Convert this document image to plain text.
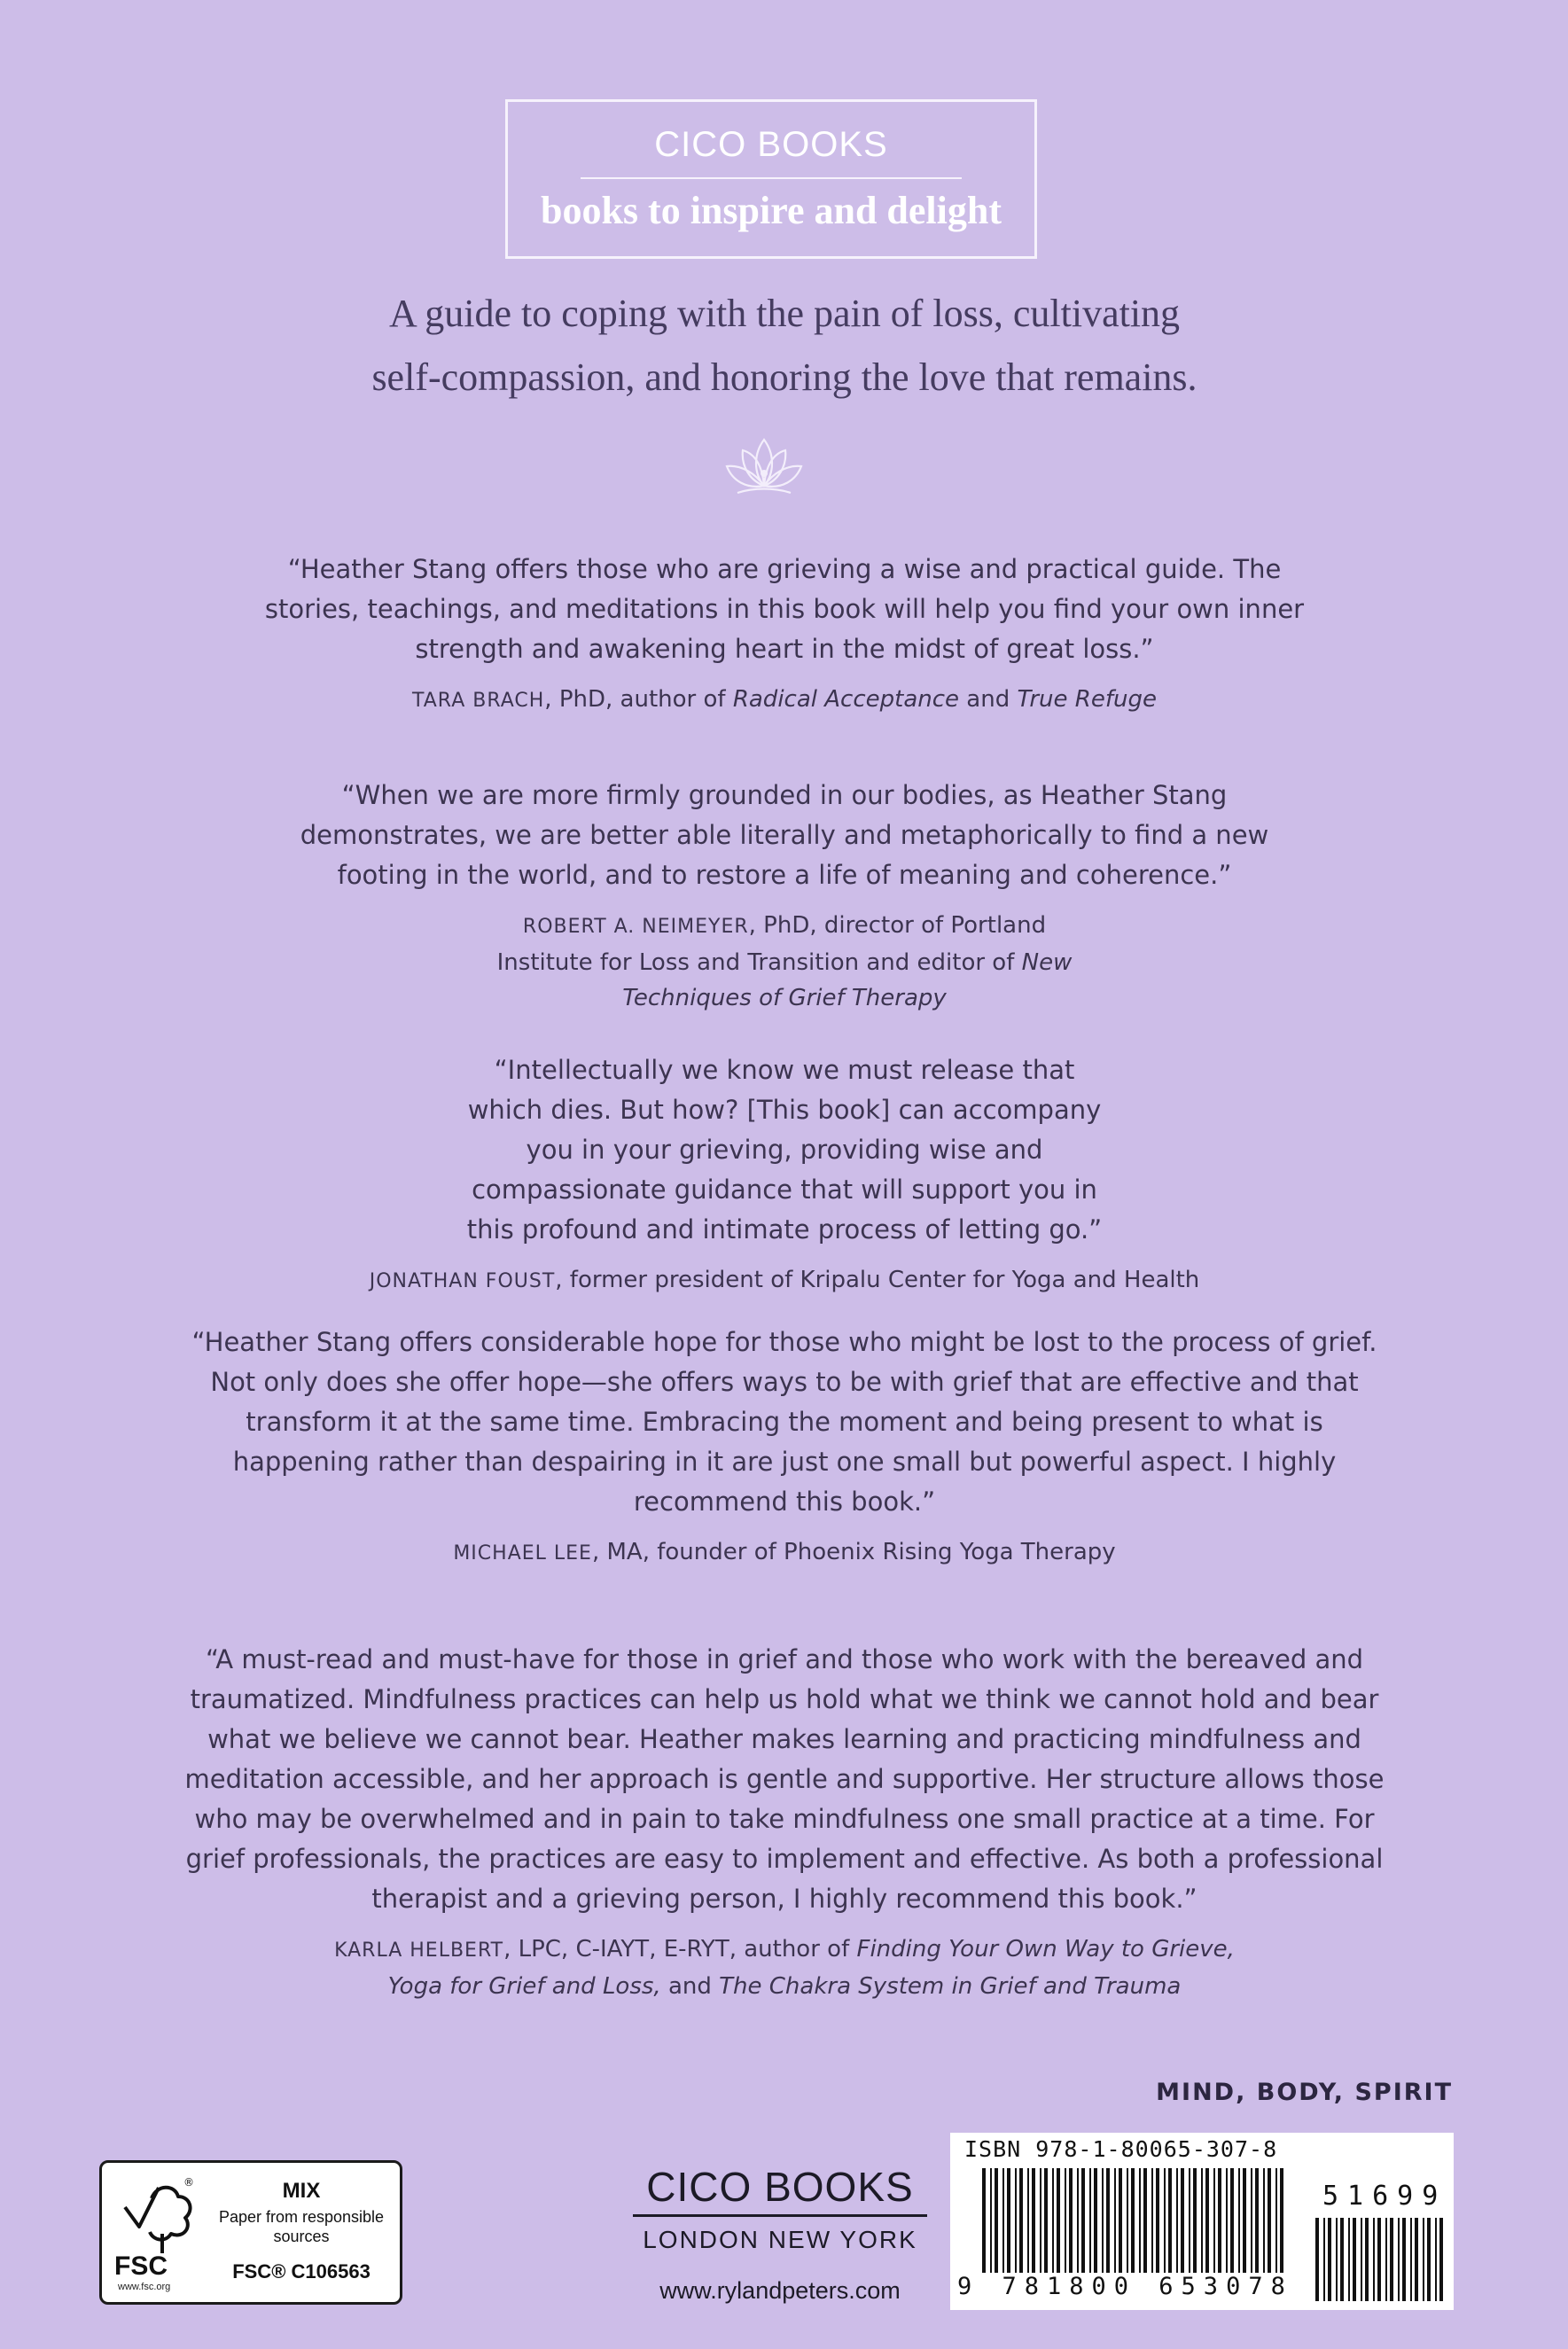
CICO BOOKS
books to inspire and delight
A guide to coping with the pain of loss, cultivating
self-compassion, and honoring the love that remains.

“Heather Stang offers those who are grieving a wise and practical guide. The stories, teachings, and meditations in this book will help you find your own inner strength and awakening heart in the midst of great loss.”

TARA BRACH, PhD, author of Radical Acceptance and True Refuge

“When we are more firmly grounded in our bodies, as Heather Stang demonstrates, we are better able literally and metaphorically to find a new footing in the world, and to restore a life of meaning and coherence.”

ROBERT A. NEIMEYER, PhD, director of Portland Institute for Loss and Transition and editor of New Techniques of Grief Therapy

“Intellectually we know we must release that which dies. But how? [This book] can accompany you in your grieving, providing wise and compassionate guidance that will support you in this profound and intimate process of letting go.”

JONATHAN FOUST, former president of Kripalu Center for Yoga and Health

“Heather Stang offers considerable hope for those who might be lost to the process of grief. Not only does she offer hope—she offers ways to be with grief that are effective and that transform it at the same time. Embracing the moment and being present to what is happening rather than despairing in it are just one small but powerful aspect. I highly recommend this book.”

MICHAEL LEE, MA, founder of Phoenix Rising Yoga Therapy

“A must-read and must-have for those in grief and those who work with the bereaved and traumatized. Mindfulness practices can help us hold what we think we cannot hold and bear what we believe we cannot bear. Heather makes learning and practicing mindfulness and meditation accessible, and her approach is gentle and supportive. Her structure allows those who may be overwhelmed and in pain to take mindfulness one small practice at a time. For grief professionals, the practices are easy to implement and effective. As both a professional therapist and a grieving person, I highly recommend this book.”

KARLA HELBERT, LPC, C-IAYT, E-RYT, author of Finding Your Own Way to Grieve, Yoga for Grief and Loss, and The Chakra System in Grief and Trauma
MIND, BODY, SPIRIT
®
FSC
www.fsc.org
MIX
Paper from responsible sources
FSC® C106563
CICO BOOKS
LONDON NEW YORK
www.rylandpeters.com
ISBN 978-1-80065-307-8
51699
9 781800 653078
